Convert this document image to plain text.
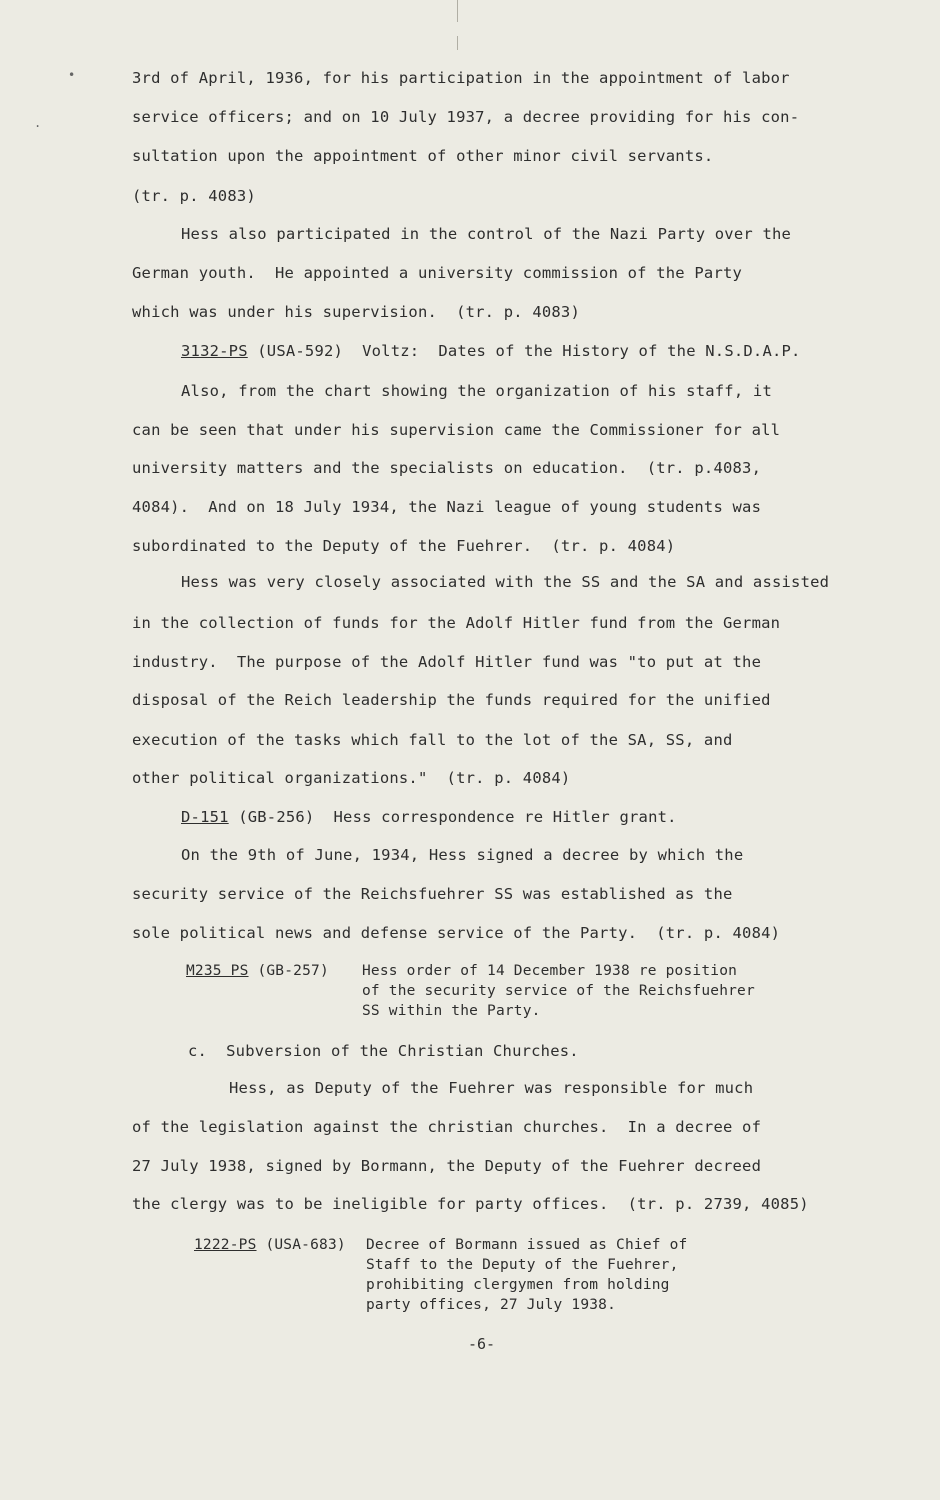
•
.
3rd of April, 1936, for his participation in the appointment of labor
service officers; and on 10 July 1937, a decree providing for his con-
sultation upon the appointment of other minor civil servants.
(tr. p. 4083)
Hess also participated in the control of the Nazi Party over the
German youth.  He appointed a university commission of the Party
which was under his supervision.  (tr. p. 4083)
3132-PS (USA-592)  Voltz:  Dates of the History of the N.S.D.A.P.
Also, from the chart showing the organization of his staff, it
can be seen that under his supervision came the Commissioner for all
university matters and the specialists on education.  (tr. p.4083,
4084).  And on 18 July 1934, the Nazi league of young students was
subordinated to the Deputy of the Fuehrer.  (tr. p. 4084)
Hess was very closely associated with the SS and the SA and assisted
in the collection of funds for the Adolf Hitler fund from the German
industry.  The purpose of the Adolf Hitler fund was "to put at the
disposal of the Reich leadership the funds required for the unified
execution of the tasks which fall to the lot of the SA, SS, and
other political organizations."  (tr. p. 4084)
D-151 (GB-256)  Hess correspondence re Hitler grant.
On the 9th of June, 1934, Hess signed a decree by which the
security service of the Reichsfuehrer SS was established as the
sole political news and defense service of the Party.  (tr. p. 4084)
M235 PS (GB-257) Hess order of 14 December 1938 re position
of the security service of the Reichsfuehrer
SS within the Party.
c.  Subversion of the Christian Churches.
Hess, as Deputy of the Fuehrer was responsible for much
of the legislation against the christian churches.  In a decree of
27 July 1938, signed by Bormann, the Deputy of the Fuehrer decreed
the clergy was to be ineligible for party offices.  (tr. p. 2739, 4085)
1222-PS (USA-683) Decree of Bormann issued as Chief of
Staff to the Deputy of the Fuehrer,
prohibiting clergymen from holding
party offices, 27 July 1938.
-6-
